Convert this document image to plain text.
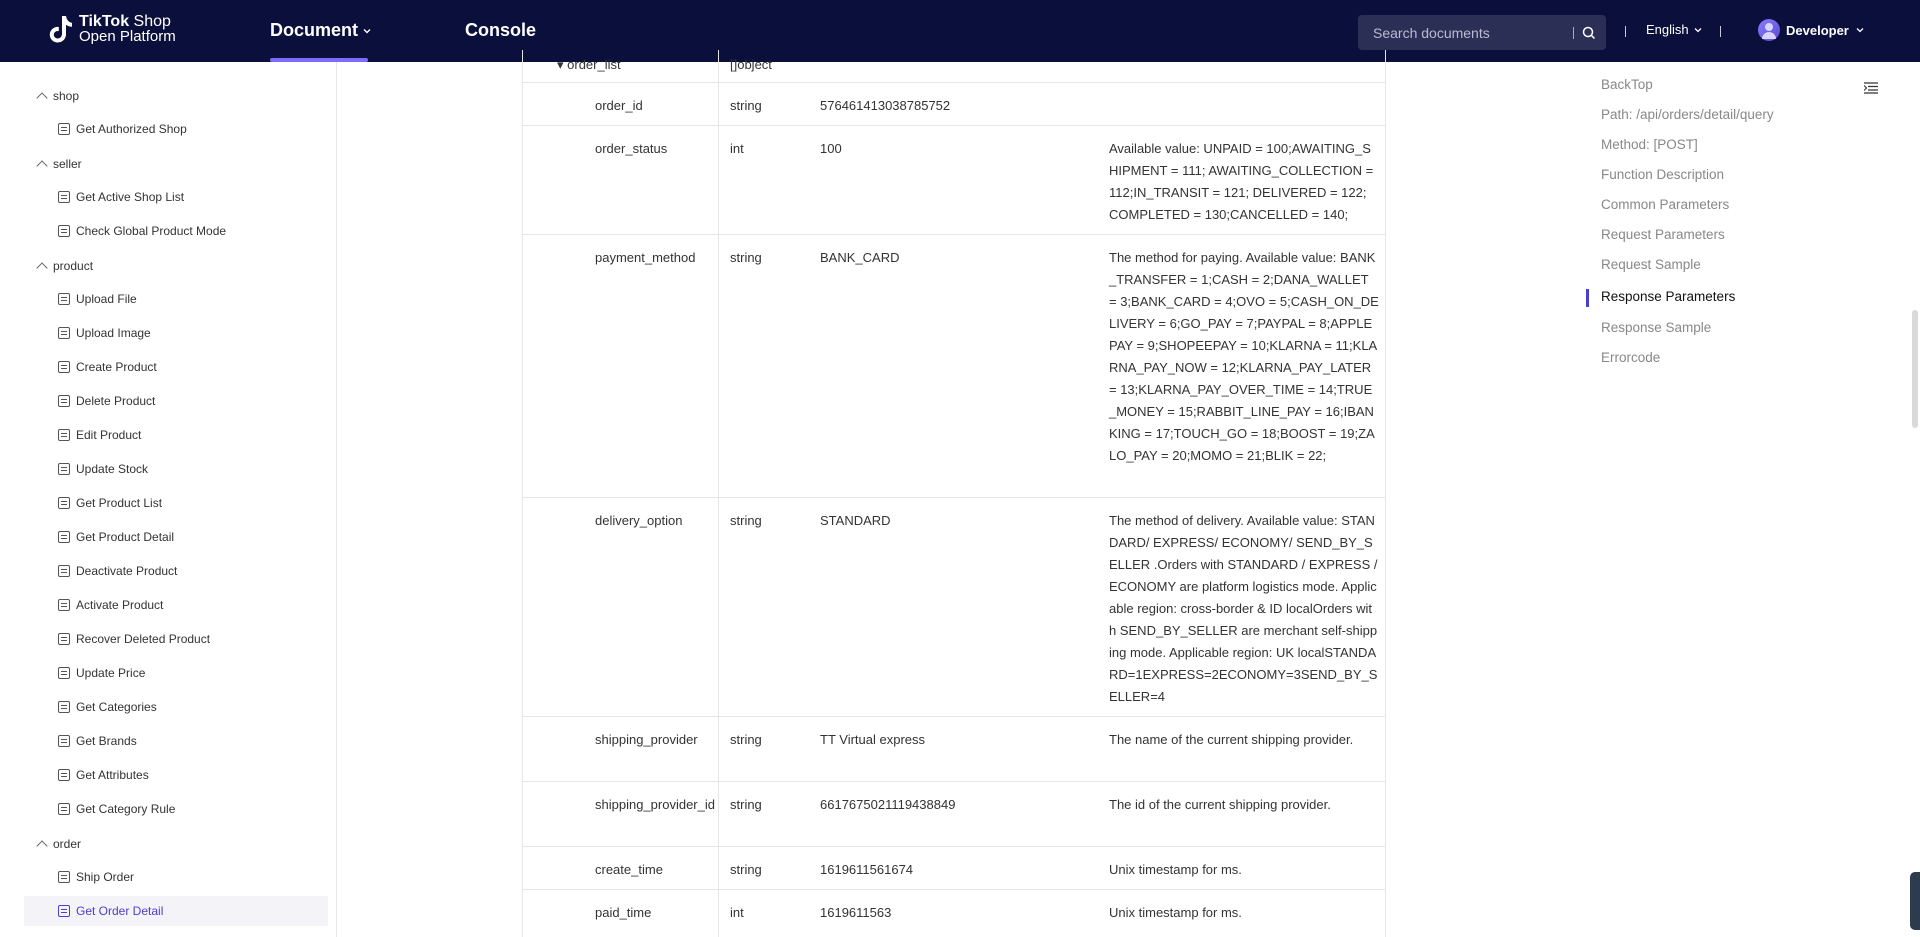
TikTok Shop
Open Platform	Document	Console
Search documents	English	Developer
shop
Get Authorized Shop
seller
Get Active Shop List
Check Global Product Mode
product
Upload File
Upload Image
Create Product
Delete Product
Edit Product
Update Stock
Get Product List
Get Product Detail
Deactivate Product
Activate Product
Recover Deleted Product
Update Price
Get Categories
Get Brands
Get Attributes
Get Category Rule
order
Ship Order
Get Order Detail
▾ order_list	[]object
order_id	string	576461413038785752
order_status	int	100	Available value: UNPAID = 100;AWAITING_SHIPMENT = 111; AWAITING_COLLECTION = 112;IN_TRANSIT = 121; DELIVERED = 122; COMPLETED = 130;CANCELLED = 140;
payment_method	string	BANK_CARD	The method for paying. Available value: BANK_TRANSFER = 1;CASH = 2;DANA_WALLET = 3;BANK_CARD = 4;OVO = 5;CASH_ON_DELIVERY = 6;GO_PAY = 7;PAYPAL = 8;APPLEPAY = 9;SHOPEEPAY = 10;KLARNA = 11;KLARNA_PAY_NOW = 12;KLARNA_PAY_LATER = 13;KLARNA_PAY_OVER_TIME = 14;TRUE_MONEY = 15;RABBIT_LINE_PAY = 16;IBANKING = 17;TOUCH_GO = 18;BOOST = 19;ZALO_PAY = 20;MOMO = 21;BLIK = 22;
delivery_option	string	STANDARD	The method of delivery. Available value: STANDARD/ EXPRESS/ ECONOMY/ SEND_BY_SELLER .Orders with STANDARD / EXPRESS / ECONOMY are platform logistics mode. Applicable region: cross-border & ID localOrders with SEND_BY_SELLER are merchant self-shipping mode. Applicable region: UK localSTANDARD=1EXPRESS=2ECONOMY=3SEND_BY_SELLER=4
shipping_provider	string	TT Virtual express	The name of the current shipping provider.
shipping_provider_id string	6617675021119438849	The id of the current shipping provider.
create_time	string	1619611561674	Unix timestamp for ms.
paid_time	int	1619611563	Unix timestamp for ms.
BackTop
Path: /api/orders/detail/query
Method: [POST]
Function Description
Common Parameters
Request Parameters
Request Sample
Response Parameters
Response Sample
Errorcode
